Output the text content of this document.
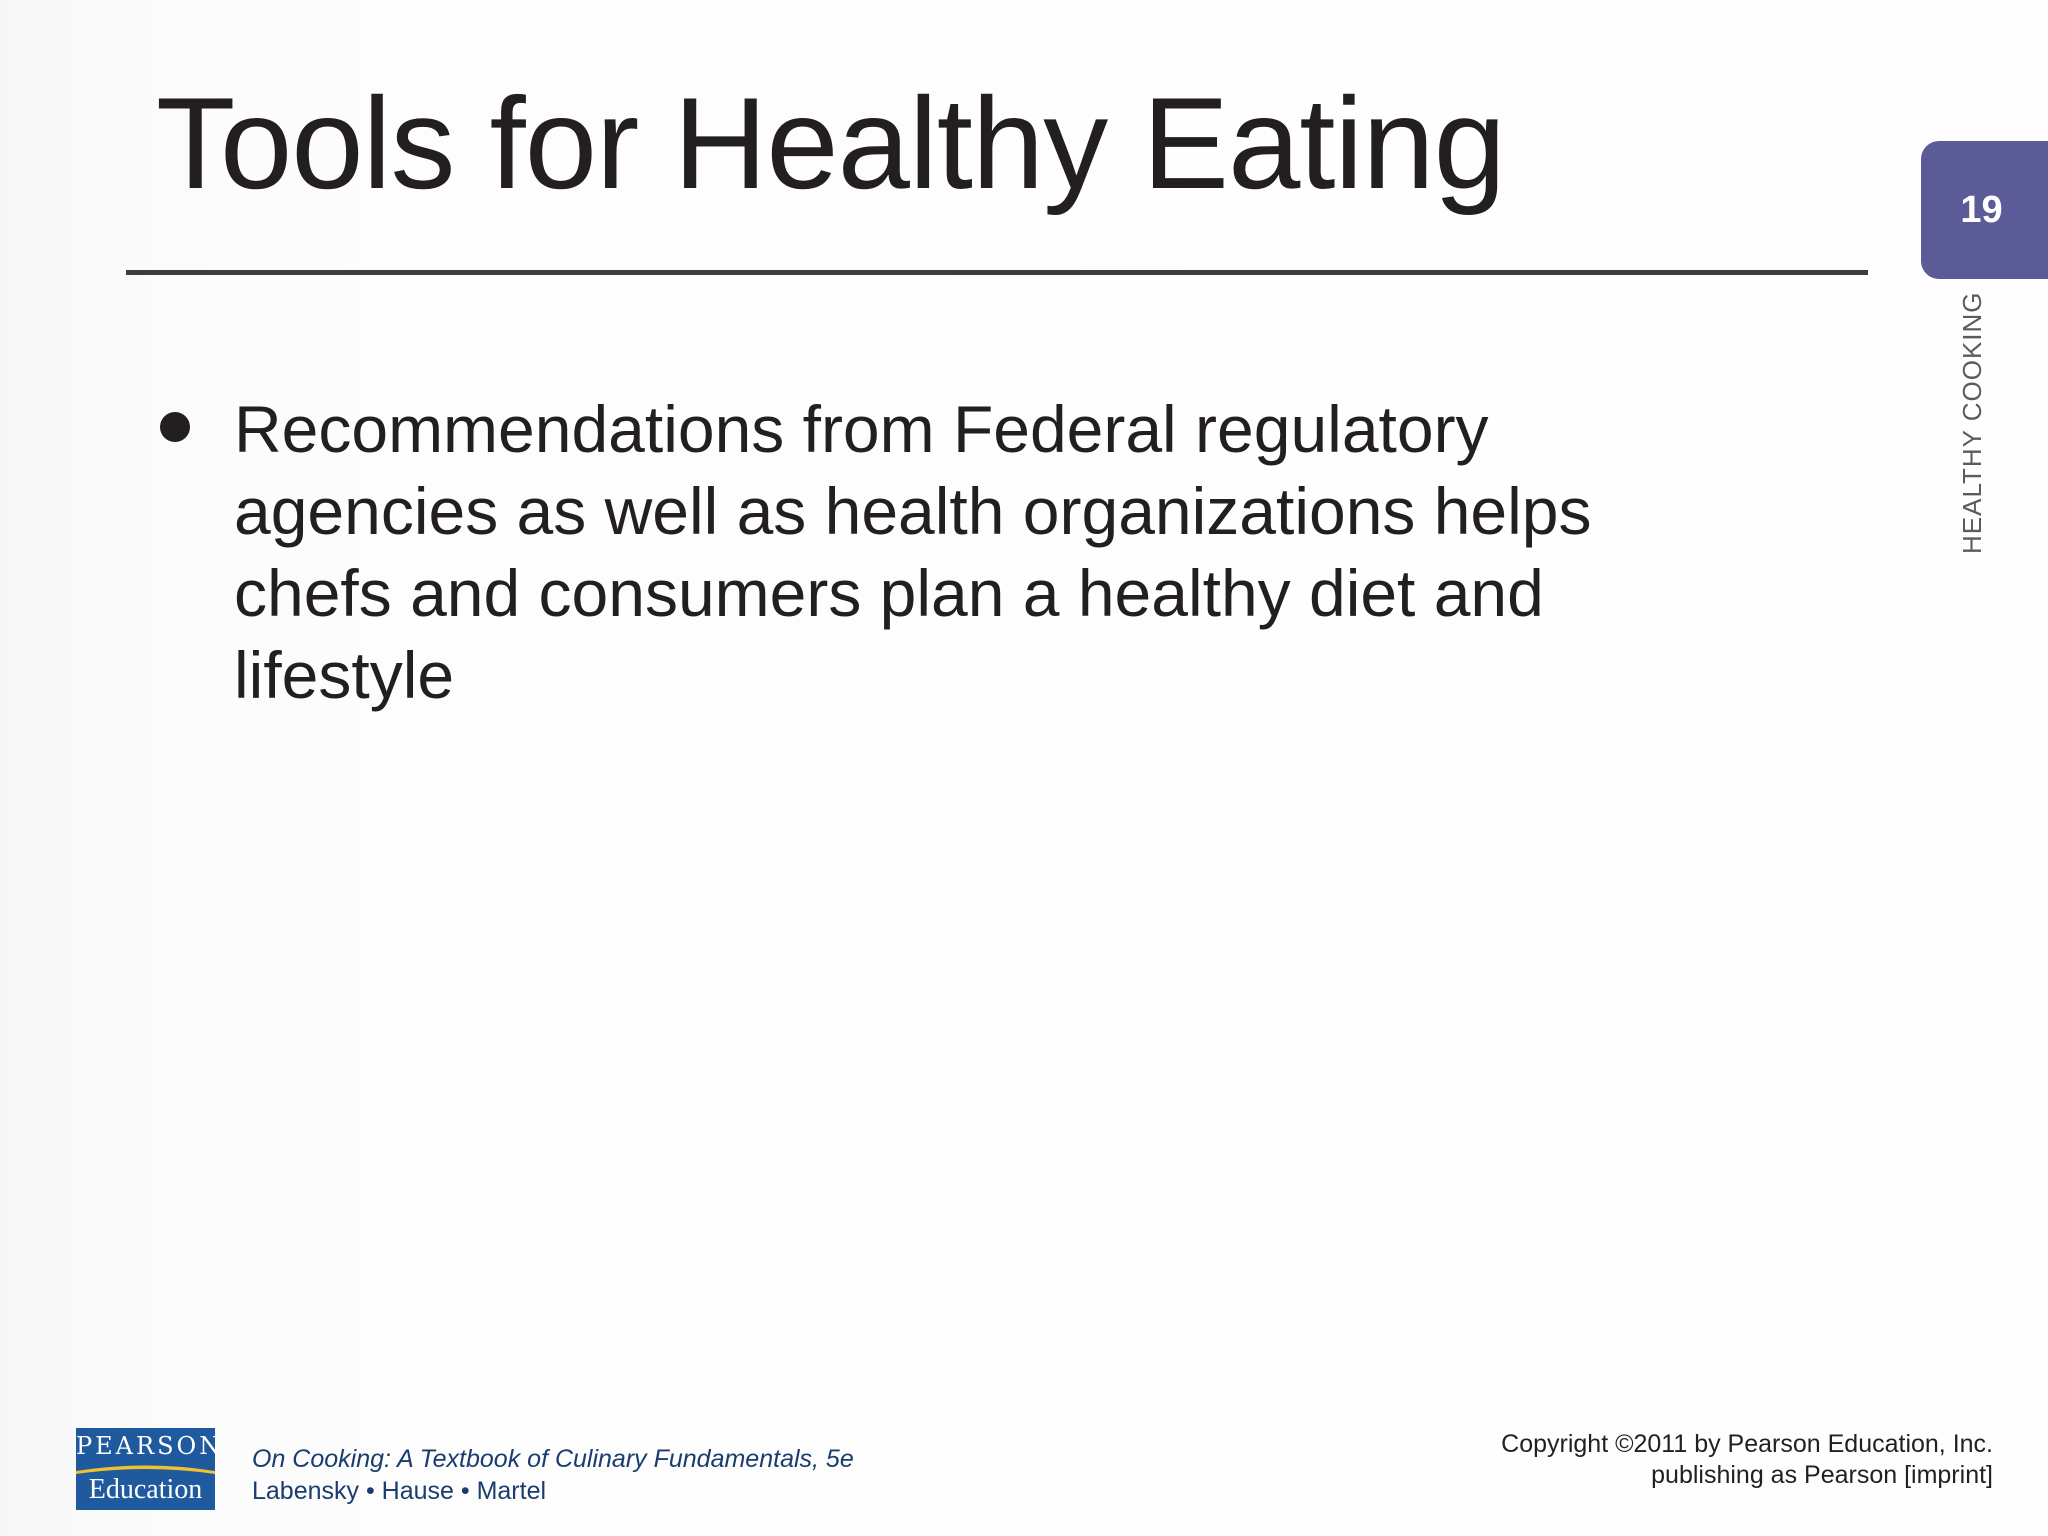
Tools for Healthy Eating	19
HEALTHY COOKING
Recommendations from Federal regulatory agencies as well as health organizations helps chefs and consumers plan a healthy diet and lifestyle
PEARSON
Education
On Cooking: A Textbook of Culinary Fundamentals, 5e
Labensky • Hause • Martel
Copyright ©2011 by Pearson Education, Inc.
publishing as Pearson [imprint]
